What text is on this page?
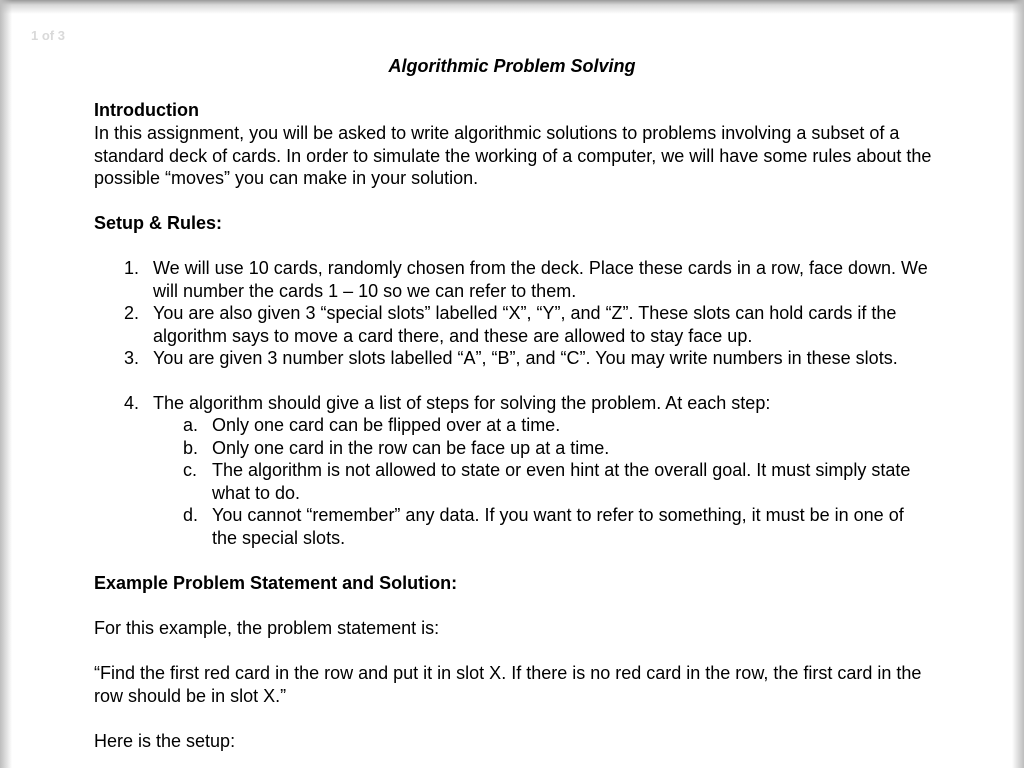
Algorithmic Problem Solving
Introduction
In this assignment, you will be asked to write algorithmic solutions to problems involving a subset of a standard deck of cards. In order to simulate the working of a computer, we will have some rules about the possible “moves” you can make in your solution.
Setup & Rules:
1. We will use 10 cards, randomly chosen from the deck. Place these cards in a row, face down. We will number the cards 1 – 10 so we can refer to them.
2. You are also given 3 “special slots” labelled “X”, “Y”, and “Z”. These slots can hold cards if the algorithm says to move a card there, and these are allowed to stay face up.
3. You are given 3 number slots labelled “A”, “B”, and “C”. You may write numbers in these slots.
4. The algorithm should give a list of steps for solving the problem. At each step:
a. Only one card can be flipped over at a time.
b. Only one card in the row can be face up at a time.
c. The algorithm is not allowed to state or even hint at the overall goal. It must simply state what to do.
d. You cannot “remember” any data. If you want to refer to something, it must be in one of the special slots.
Example Problem Statement and Solution:
For this example, the problem statement is:
“Find the first red card in the row and put it in slot X. If there is no red card in the row, the first card in the row should be in slot X.”
Here is the setup:
1 of 3
